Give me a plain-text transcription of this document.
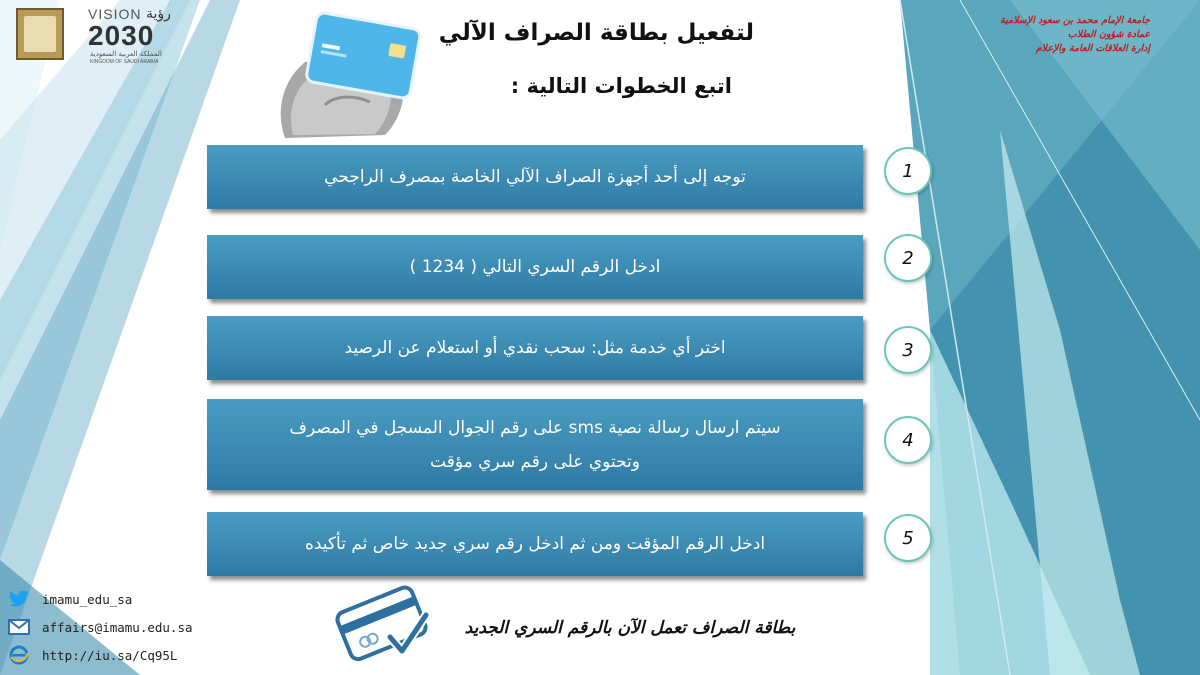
VISION رؤية
2030
المملكة العربية السعودية
KINGDOM OF SAUDI ARABIA
لتفعيل بطاقة الصراف الآلي
اتبع الخطوات التالية :
جامعة الإمام محمد بن سعود الإسلامية
عمادة شؤون الطلاب
إدارة العلاقات العامة والإعلام
توجه إلى أحد أجهزة الصراف الآلي الخاصة بمصرف الراجحي	1
ادخل الرقم السري التالي ( 1234 )	2
اختر أي خدمة مثل: سحب نقدي أو استعلام عن الرصيد	3
سيتم ارسال رسالة نصية sms على رقم الجوال المسجل في المصرف
وتحتوي على رقم سري مؤقت
4
ادخل الرقم المؤقت ومن ثم ادخل رقم سري جديد خاص ثم تأكيده	5
بطاقة الصراف تعمل الآن بالرقم السري الجديد
imamu_edu_sa
affairs@imamu.edu.sa
http://iu.sa/Cq95L
